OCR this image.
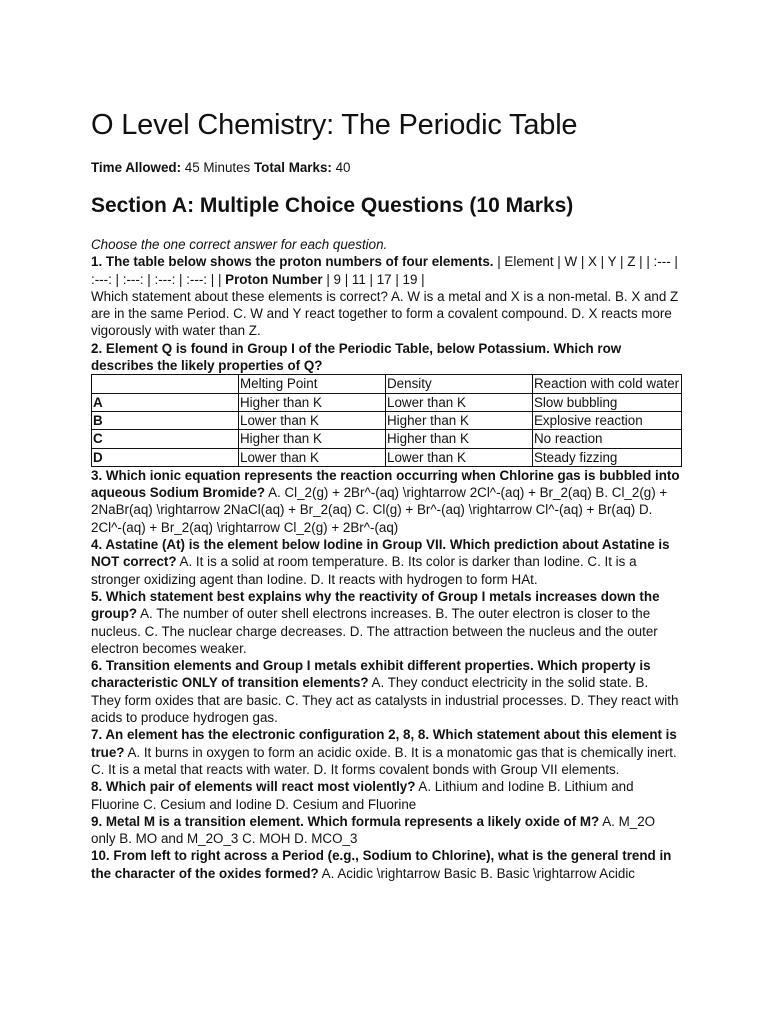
O Level Chemistry: The Periodic Table
Time Allowed: 45 Minutes Total Marks: 40
Section A: Multiple Choice Questions (10 Marks)

Choose the one correct answer for each question.

1. The table below shows the proton numbers of four elements. | Element | W | X | Y | Z | | :--- | :---: | :---: | :---: | :---: | | Proton Number | 9 | 11 | 17 | 19 |

Which statement about these elements is correct? A. W is a metal and X is a non-metal. B. X and Z are in the same Period. C. W and Y react together to form a covalent compound. D. X reacts more vigorously with water than Z.

2. Element Q is found in Group I of the Periodic Table, below Potassium. Which row describes the likely properties of Q?

	Melting Point	Density	Reaction with cold water
A	Higher than K	Lower than K	Slow bubbling
B	Lower than K	Higher than K	Explosive reaction
C	Higher than K	Higher than K	No reaction
D	Lower than K	Lower than K	Steady fizzing

3. Which ionic equation represents the reaction occurring when Chlorine gas is bubbled into aqueous Sodium Bromide? A. Cl_2(g) + 2Br^-(aq) \rightarrow 2Cl^-(aq) + Br_2(aq) B. Cl_2(g) + 2NaBr(aq) \rightarrow 2NaCl(aq) + Br_2(aq) C. Cl(g) + Br^-(aq) \rightarrow Cl^-(aq) + Br(aq) D. 2Cl^-(aq) + Br_2(aq) \rightarrow Cl_2(g) + 2Br^-(aq)

4. Astatine (At) is the element below Iodine in Group VII. Which prediction about Astatine is NOT correct? A. It is a solid at room temperature. B. Its color is darker than Iodine. C. It is a stronger oxidizing agent than Iodine. D. It reacts with hydrogen to form HAt.

5. Which statement best explains why the reactivity of Group I metals increases down the group? A. The number of outer shell electrons increases. B. The outer electron is closer to the nucleus. C. The nuclear charge decreases. D. The attraction between the nucleus and the outer electron becomes weaker.

6. Transition elements and Group I metals exhibit different properties. Which property is characteristic ONLY of transition elements? A. They conduct electricity in the solid state. B. They form oxides that are basic. C. They act as catalysts in industrial processes. D. They react with acids to produce hydrogen gas.

7. An element has the electronic configuration 2, 8, 8. Which statement about this element is true? A. It burns in oxygen to form an acidic oxide. B. It is a monatomic gas that is chemically inert. C. It is a metal that reacts with water. D. It forms covalent bonds with Group VII elements.

8. Which pair of elements will react most violently? A. Lithium and Iodine B. Lithium and Fluorine C. Cesium and Iodine D. Cesium and Fluorine

9. Metal M is a transition element. Which formula represents a likely oxide of M? A. M_2O only B. MO and M_2O_3 C. MOH D. MCO_3

10. From left to right across a Period (e.g., Sodium to Chlorine), what is the general trend in the character of the oxides formed? A. Acidic \rightarrow Basic B. Basic \rightarrow Acidic
